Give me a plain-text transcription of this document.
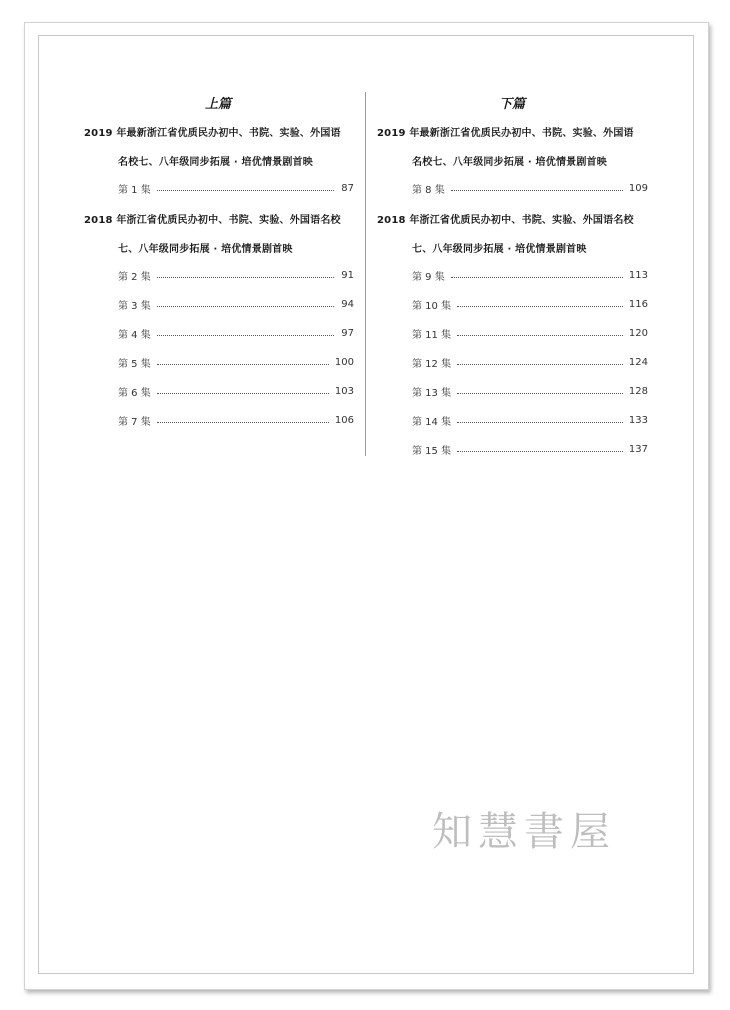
上篇
2019 年最新浙江省优质民办初中、书院、实验、外国语
名校七、八年级同步拓展 · 培优情景剧首映
第 1 集	87
2018 年浙江省优质民办初中、书院、实验、外国语名校
七、八年级同步拓展 · 培优情景剧首映
第 2 集	91
第 3 集	94
第 4 集	97
第 5 集	100
第 6 集	103
第 7 集	106
下篇
2019 年最新浙江省优质民办初中、书院、实验、外国语
名校七、八年级同步拓展 · 培优情景剧首映
第 8 集	109
2018 年浙江省优质民办初中、书院、实验、外国语名校
七、八年级同步拓展 · 培优情景剧首映
第 9 集	113
第 10 集	116
第 11 集	120
第 12 集	124
第 13 集	128
第 14 集	133
第 15 集	137
知慧書屋
